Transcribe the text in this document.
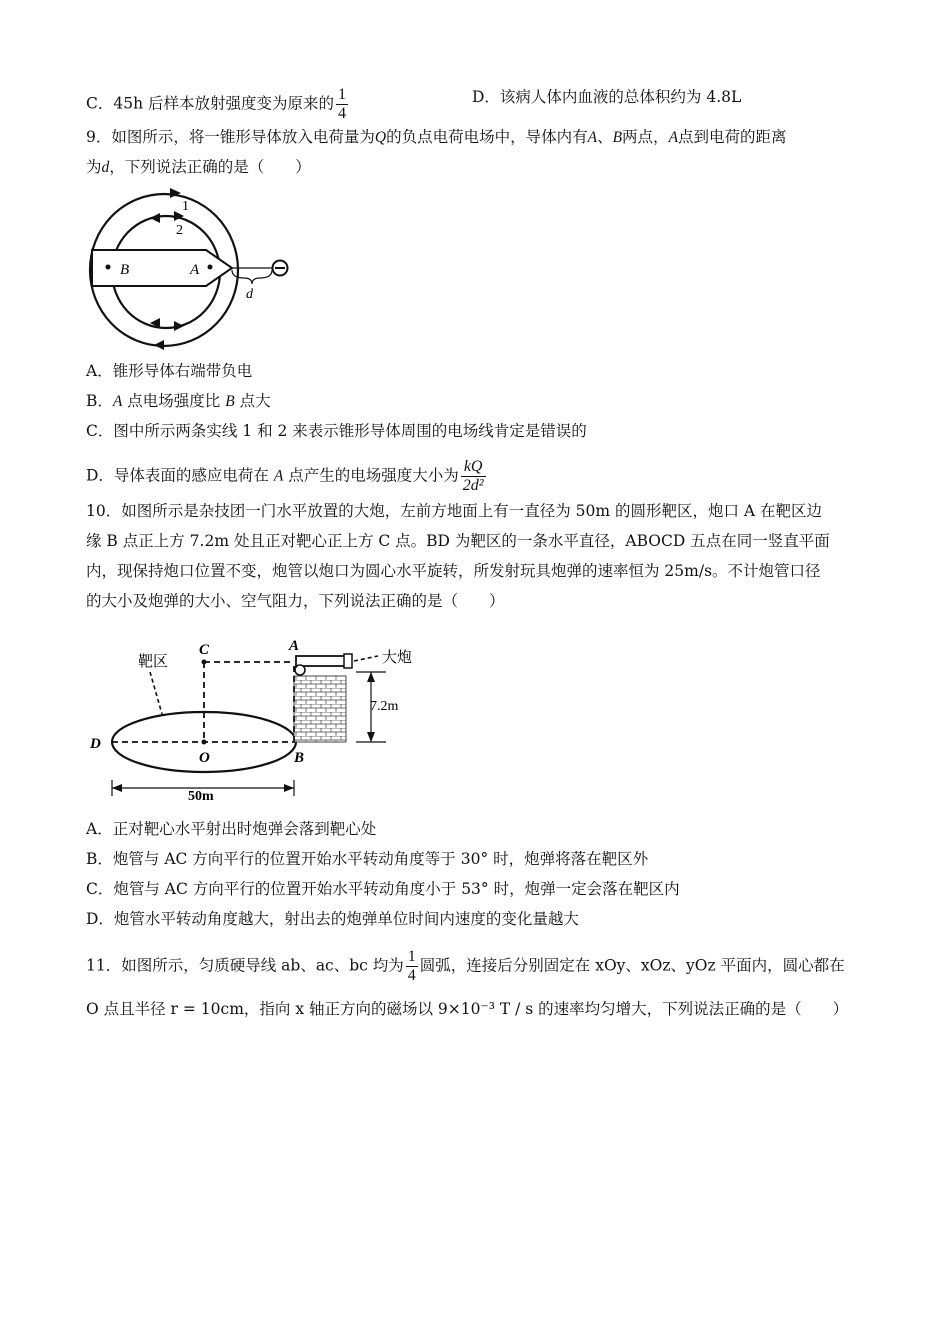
C．45h 后样本放射强度变为原来的 $\frac{1}{4}$	D．该病人体内血液的总体积约为 4.8L
9．如图所示，将一锥形导体放入电荷量为Q的负点电荷电场中，导体内有A、B两点，A点到电荷的距离
为d，下列说法正确的是（　　）
1
2
B	A
d
A．锥形导体右端带负电
B．A 点电场强度比 B 点大
C．图中所示两条实线 1 和 2 来表示锥形导体周围的电场线肯定是错误的
D．导体表面的感应电荷在 A 点产生的电场强度大小为 $\frac{kQ}{\text{2d²}}$
10．如图所示是杂技团一门水平放置的大炮，左前方地面上有一直径为 50m 的圆形靶区，炮口 A 在靶区边
缘 B 点正上方 7.2m 处且正对靶心正上方 C 点。BD 为靶区的一条水平直径，ABOCD 五点在同一竖直平面
内，现保持炮口位置不变，炮管以炮口为圆心水平旋转，所发射玩具炮弹的速率恒为 25m/s。不计炮管口径
的大小及炮弹的大小、空气阻力，下列说法正确的是（　　）
靶区	大炮
7.2m
50m
C	A
D
O	B
A．正对靶心水平射出时炮弹会落到靶心处
B．炮管与 AC 方向平行的位置开始水平转动角度等于 30° 时，炮弹将落在靶区外
C．炮管与 AC 方向平行的位置开始水平转动角度小于 53° 时，炮弹一定会落在靶区内
D．炮管水平转动角度越大，射出去的炮弹单位时间内速度的变化量越大
11．如图所示，匀质硬导线 ab、ac、bc 均为 $\frac{1}{4}$ 圆弧，连接后分别固定在 xOy、xOz、yOz 平面内，圆心都在
O 点且半径 r = 10cm，指向 x 轴正方向的磁场以 9×10⁻³ T / s 的速率均匀增大，下列说法正确的是（　　）
